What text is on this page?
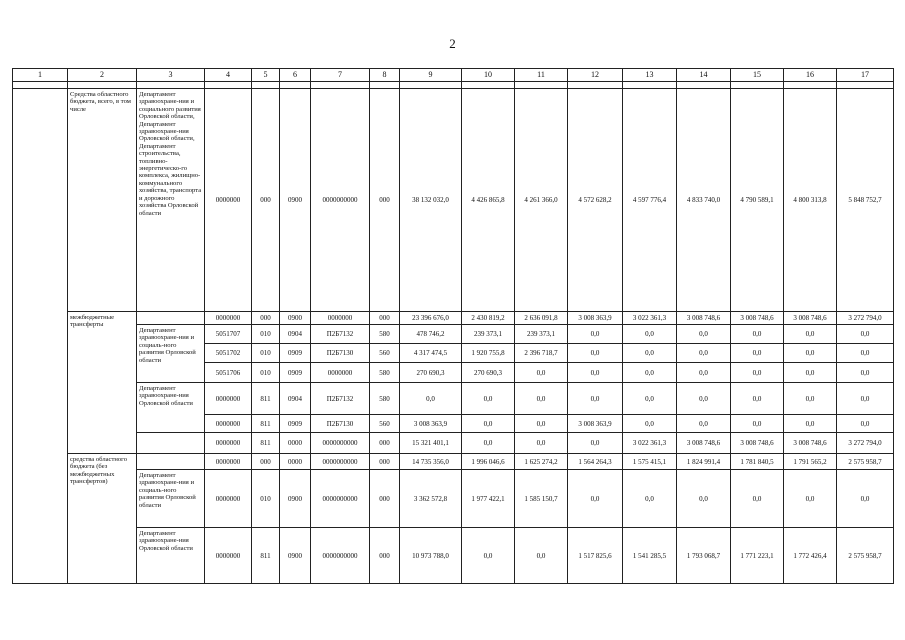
2
1	2	3	4	5	6	7	8	9	10	11	12	13	14	15	16	17

	Средства областного бюджета, всего, в том числе	Департамент здравоохране-ния и социального развития Орловской области, Департамент здравоохране-ния Орловской области, Департамент строительства, топливно-энергетическо-го комплекса, жилищно-коммунального хозяйства, транспорта и дорожного хозяйства Орловской области	0000000	000	0900	0000000000	000	38 132 032,0	4 426 865,8	4 261 366,0	4 572 628,2	4 597 776,4	4 833 740,0	4 790 589,1	4 800 313,8	5 848 752,7
	межбюджетные трансферты		0000000	000	0900	0000000	000	23 396 676,0	2 430 819,2	2 636 091,8	3 008 363,9	3 022 361,3	3 008 748,6	3 008 748,6	3 008 748,6	3 272 794,0
		Департамент здравоохране-ния и социаль-ного развития Орловской области	5051707	010	0904	П2Б7132	580	478 746,2	239 373,1	239 373,1	0,0	0,0	0,0	0,0	0,0	0,0
			5051702	010	0909	П2Б7130	560	4 317 474,5	1 920 755,8	2 396 718,7	0,0	0,0	0,0	0,0	0,0	0,0
			5051706	010	0909	0000000	580	270 690,3	270 690,3	0,0	0,0	0,0	0,0	0,0	0,0	0,0
		Департамент здравоохране-ния Орловской области	0000000	811	0904	П2Б7132	580	0,0	0,0	0,0	0,0	0,0	0,0	0,0	0,0	0,0
			0000000	811	0909	П2Б7130	560	3 008 363,9	0,0	0,0	3 008 363,9	0,0	0,0	0,0	0,0	0,0
			0000000	811	0000	0000000000	000	15 321 401,1	0,0	0,0	0,0	3 022 361,3	3 008 748,6	3 008 748,6	3 008 748,6	3 272 794,0
	средства областного бюджета (без межбюджетных трансфертов)		0000000	000	0000	0000000000	000	14 735 356,0	1 996 046,6	1 625 274,2	1 564 264,3	1 575 415,1	1 824 991,4	1 781 840,5	1 791 565,2	2 575 958,7
		Департамент здравоохране-ния и социаль-ного развития Орловской области	0000000	010	0900	0000000000	000	3 362 572,8	1 977 422,1	1 585 150,7	0,0	0,0	0,0	0,0	0,0	0,0
		Департамент здравоохране-ния Орловской области	0000000	811	0900	0000000000	000	10 973 788,0	0,0	0,0	1 517 825,6	1 541 285,5	1 793 068,7	1 771 223,1	1 772 426,4	2 575 958,7
